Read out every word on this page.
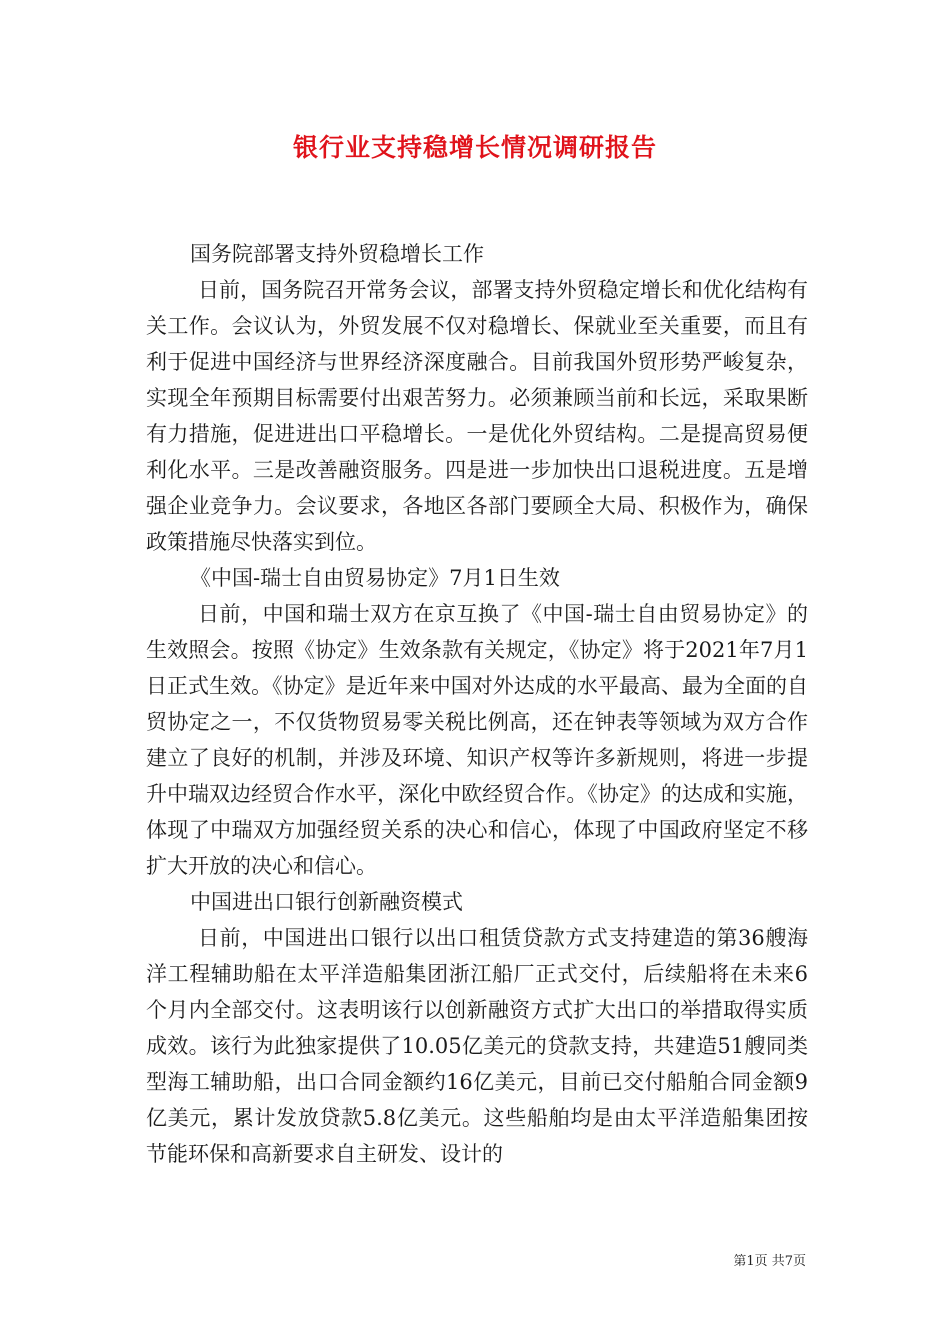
银行业支持稳增长情况调研报告
国务院部署支持外贸稳增长工作
日前，国务院召开常务会议，部署支持外贸稳定增长和优化结构有关工作。会议认为，外贸发展不仅对稳增长、保就业至关重要，而且有利于促进中国经济与世界经济深度融合。目前我国外贸形势严峻复杂，实现全年预期目标需要付出艰苦努力。必须兼顾当前和长远，采取果断有力措施，促进进出口平稳增长。一是优化外贸结构。二是提高贸易便利化水平。三是改善融资服务。四是进一步加快出口退税进度。五是增强企业竞争力。会议要求，各地区各部门要顾全大局、积极作为，确保政策措施尽快落实到位。
《中国-瑞士自由贸易协定》7月1日生效
日前，中国和瑞士双方在京互换了《中国-瑞士自由贸易协定》的生效照会。按照《协定》生效条款有关规定，《协定》将于2021年7月1日正式生效。《协定》是近年来中国对外达成的水平最高、最为全面的自贸协定之一，不仅货物贸易零关税比例高，还在钟表等领域为双方合作建立了良好的机制，并涉及环境、知识产权等许多新规则，将进一步提升中瑞双边经贸合作水平，深化中欧经贸合作。《协定》的达成和实施，体现了中瑞双方加强经贸关系的决心和信心，体现了中国政府坚定不移扩大开放的决心和信心。
中国进出口银行创新融资模式
日前，中国进出口银行以出口租赁贷款方式支持建造的第36艘海洋工程辅助船在太平洋造船集团浙江船厂正式交付，后续船将在未来6个月内全部交付。这表明该行以创新融资方式扩大出口的举措取得实质成效。该行为此独家提供了10.05亿美元的贷款支持，共建造51艘同类型海工辅助船，出口合同金额约16亿美元，目前已交付船舶合同金额9亿美元，累计发放贷款5.8亿美元。这些船舶均是由太平洋造船集团按节能环保和高新要求自主研发、设计的
第1页 共7页
